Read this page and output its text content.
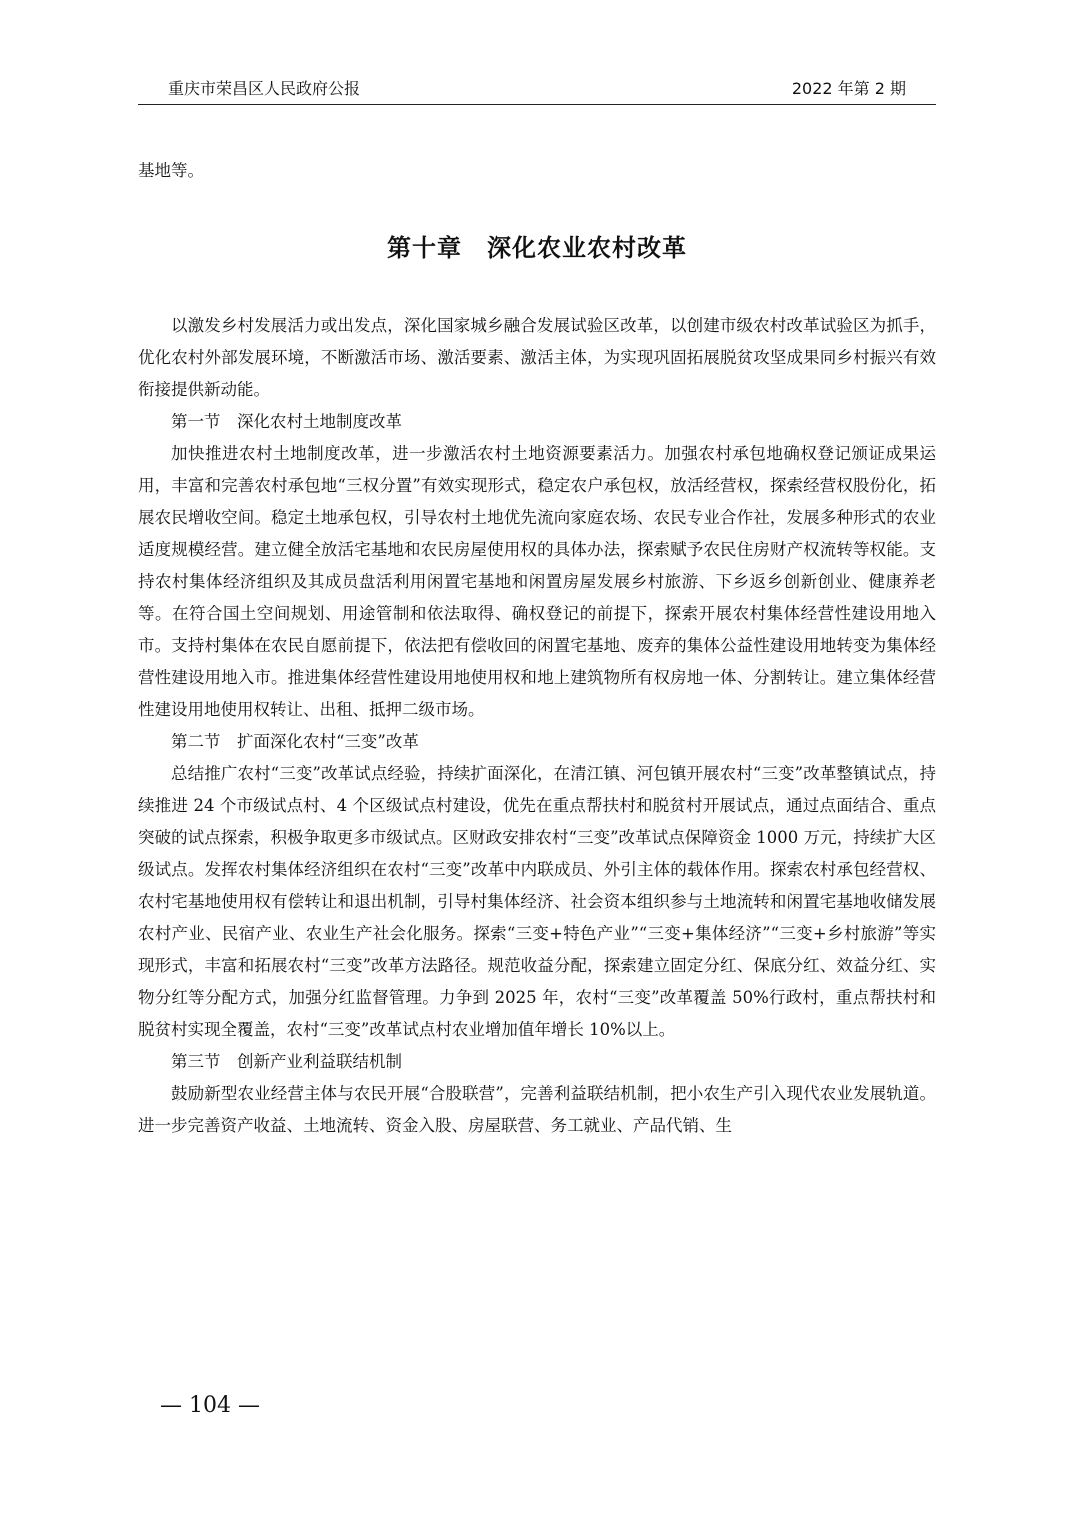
重庆市荣昌区人民政府公报	2022 年第 2 期
基地等。
第十章　深化农业农村改革

以激发乡村发展活力或出发点，深化国家城乡融合发展试验区改革，以创建市级农村改革试验区为抓手，优化农村外部发展环境，不断激活市场、激活要素、激活主体，为实现巩固拓展脱贫攻坚成果同乡村振兴有效衔接提供新动能。

第一节　深化农村土地制度改革

加快推进农村土地制度改革，进一步激活农村土地资源要素活力。加强农村承包地确权登记颁证成果运用，丰富和完善农村承包地“三权分置”有效实现形式，稳定农户承包权，放活经营权，探索经营权股份化，拓展农民增收空间。稳定土地承包权，引导农村土地优先流向家庭农场、农民专业合作社，发展多种形式的农业适度规模经营。建立健全放活宅基地和农民房屋使用权的具体办法，探索赋予农民住房财产权流转等权能。支持农村集体经济组织及其成员盘活利用闲置宅基地和闲置房屋发展乡村旅游、下乡返乡创新创业、健康养老等。在符合国土空间规划、用途管制和依法取得、确权登记的前提下，探索开展农村集体经营性建设用地入市。支持村集体在农民自愿前提下，依法把有偿收回的闲置宅基地、废弃的集体公益性建设用地转变为集体经营性建设用地入市。推进集体经营性建设用地使用权和地上建筑物所有权房地一体、分割转让。建立集体经营性建设用地使用权转让、出租、抵押二级市场。

第二节　扩面深化农村“三变”改革

总结推广农村“三变”改革试点经验，持续扩面深化，在清江镇、河包镇开展农村“三变”改革整镇试点，持续推进 24 个市级试点村、4 个区级试点村建设，优先在重点帮扶村和脱贫村开展试点，通过点面结合、重点突破的试点探索，积极争取更多市级试点。区财政安排农村“三变”改革试点保障资金 1000 万元，持续扩大区级试点。发挥农村集体经济组织在农村“三变”改革中内联成员、外引主体的载体作用。探索农村承包经营权、农村宅基地使用权有偿转让和退出机制，引导村集体经济、社会资本组织参与土地流转和闲置宅基地收储发展农村产业、民宿产业、农业生产社会化服务。探索“三变+特色产业”“三变+集体经济”“三变+乡村旅游”等实现形式，丰富和拓展农村“三变”改革方法路径。规范收益分配，探索建立固定分红、保底分红、效益分红、实物分红等分配方式，加强分红监督管理。力争到 2025 年，农村“三变”改革覆盖 50%行政村，重点帮扶村和脱贫村实现全覆盖，农村“三变”改革试点村农业增加值年增长 10%以上。

第三节　创新产业利益联结机制

鼓励新型农业经营主体与农民开展“合股联营”，完善利益联结机制，把小农生产引入现代农业发展轨道。进一步完善资产收益、土地流转、资金入股、房屋联营、务工就业、产品代销、生

— 104 —
